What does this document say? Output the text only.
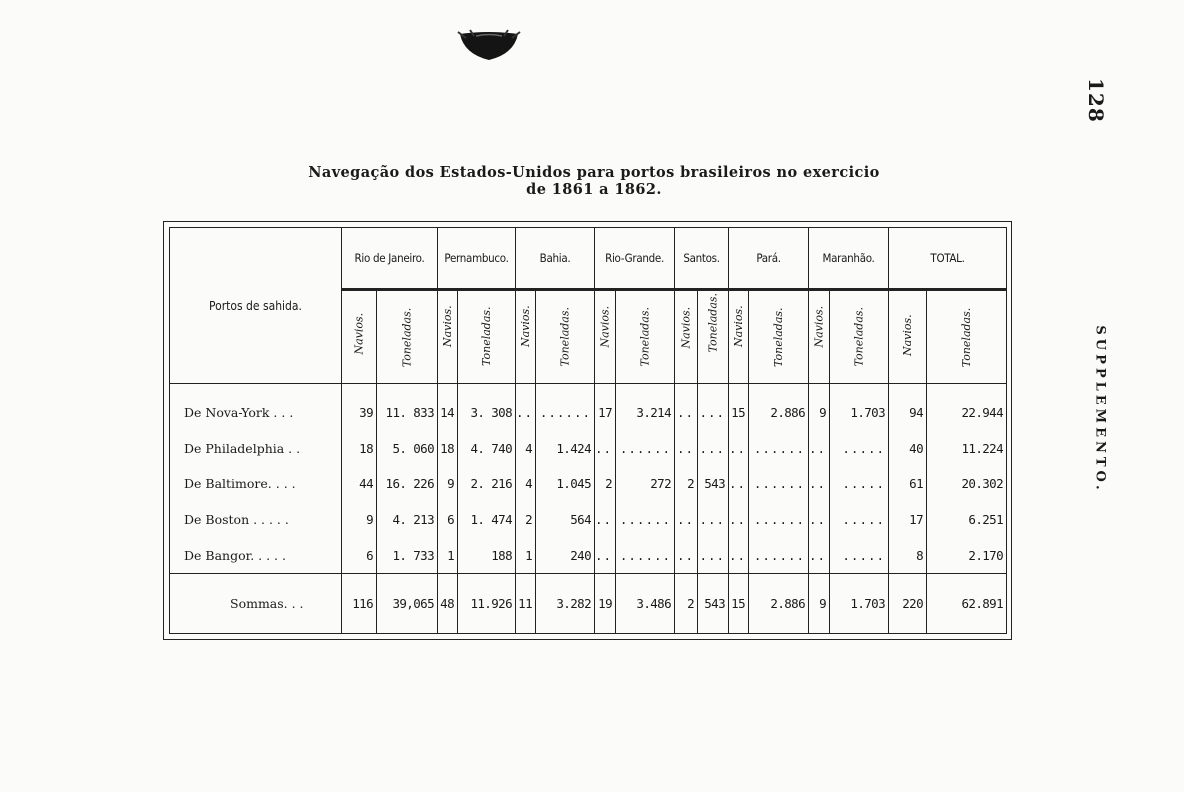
128
SUPPLEMENTO.
Navegação dos Estados-Unidos para portos brasileiros no exercicio
de 1861 a 1862.
Portos de sahida.	Rio de Janeiro.		Pernambuco.		Bahia.		Rio-Grande.		Santos.		Pará.		Maranhão.		TOTAL.	

	Navios.	Toneladas.	Navios.	Toneladas.	Navios.	Toneladas.	Navios.	Toneladas.	Navios.	Toneladas.	Navios.	Toneladas.	Navios.	Toneladas.	Navios.	Toneladas.

De Nova-York . . .	39	11. 833	14	3. 308	..	......	17	3.214	..	...	15	2.886	9	1.703	94	22.944
De Philadelphia . .	18	5. 060	18	4. 740	4	1.424	..	......	..	...	..	......	..	.....	40	11.224
De Baltimore. . . .	44	16. 226	9	2. 216	4	1.045	2	272	2	543	..	......	..	.....	61	20.302
De Boston . . . . .	9	4. 213	6	1. 474	2	564	..	......	..	...	..	......	..	.....	17	6.251
De Bangor. . . . .	6	1. 733	1	188	1	240	..	......	..	...	..	......	..	.....	8	2.170
Sommas. . .	116	39,065	48	11.926	11	3.282	19	3.486	2	543	15	2.886	9	1.703	220	62.891
